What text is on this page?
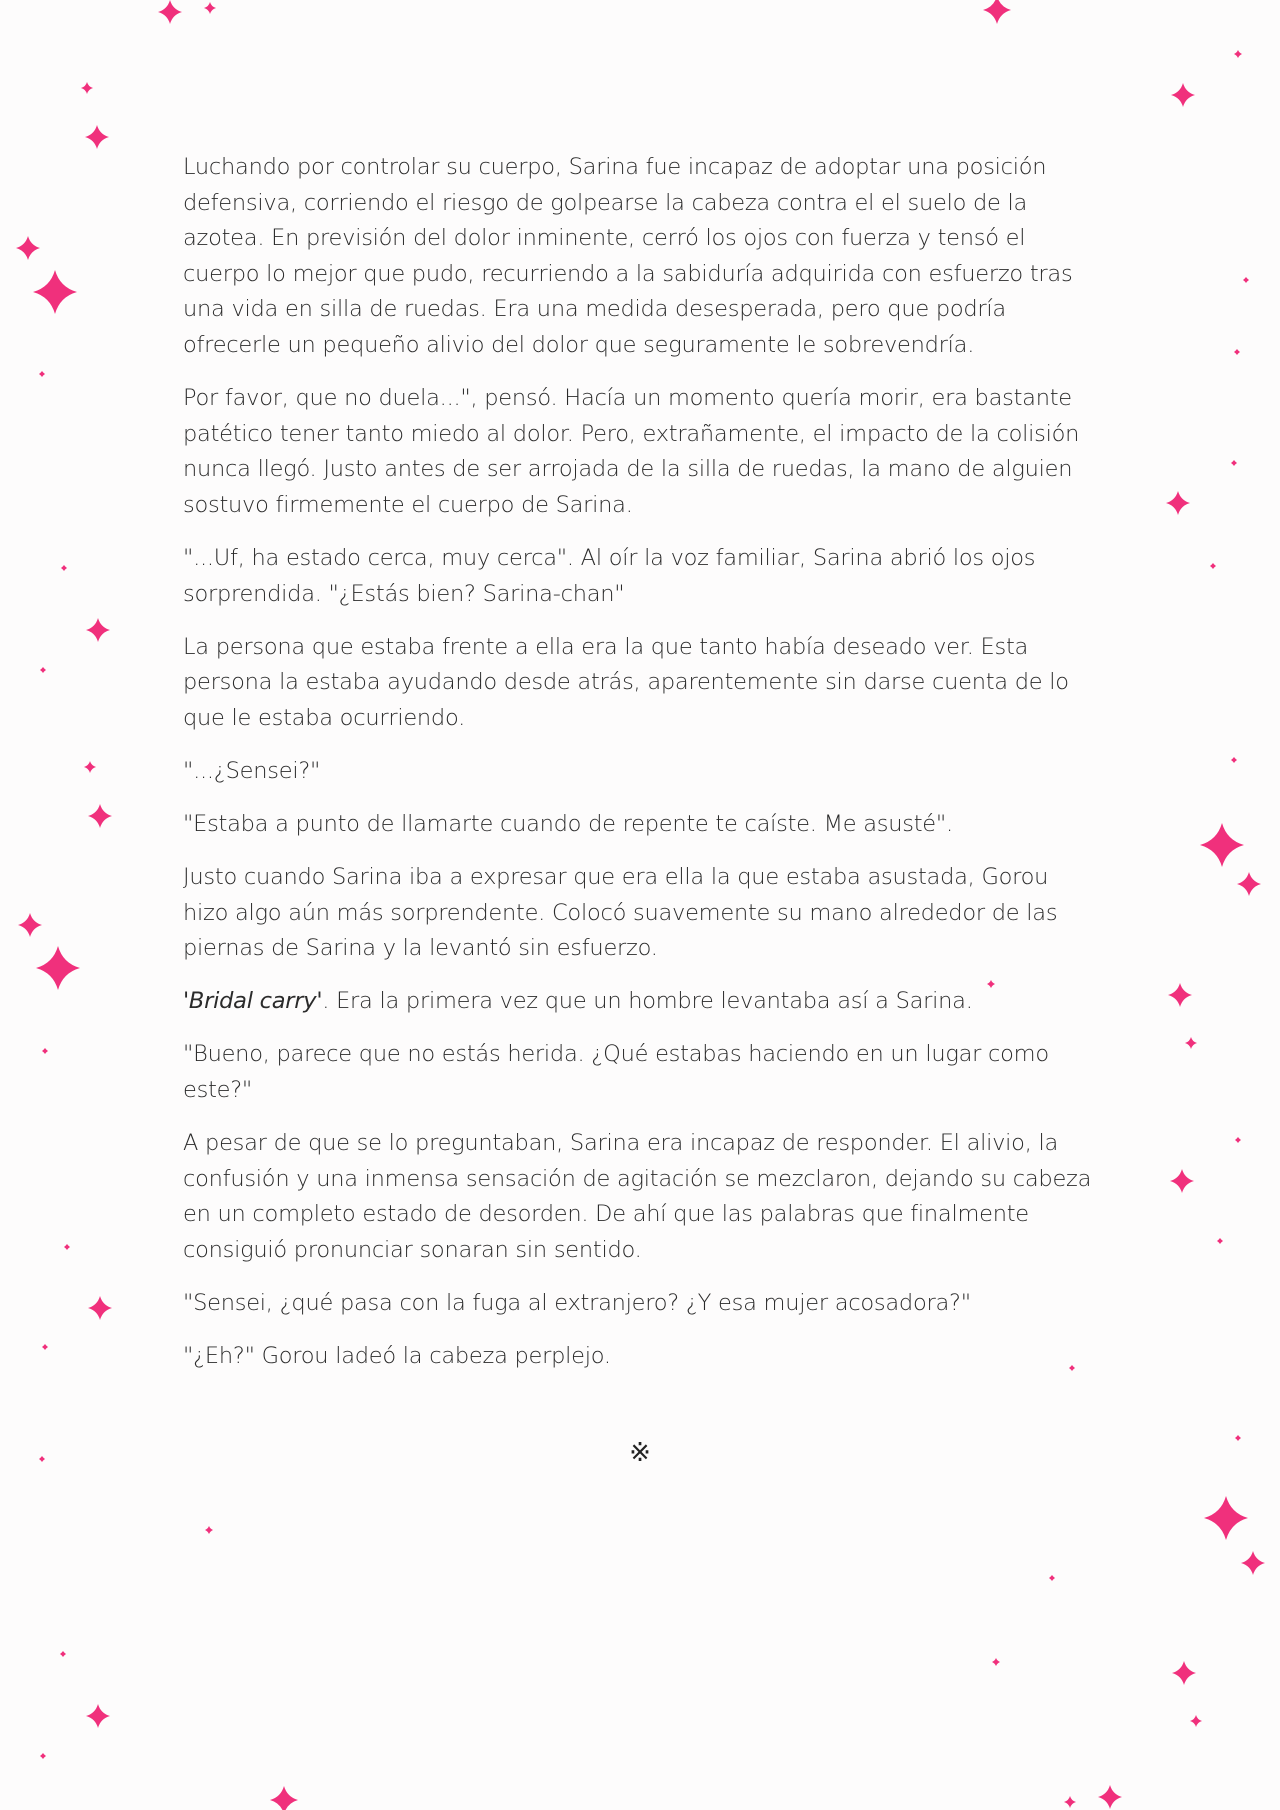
Luchando por controlar su cuerpo, Sarina fue incapaz de adoptar una posición defensiva, corriendo el riesgo de golpearse la cabeza contra el el suelo de la azotea. En previsión del dolor inminente, cerró los ojos con fuerza y tensó el cuerpo lo mejor que pudo, recurriendo a la sabiduría adquirida con esfuerzo tras una vida en silla de ruedas. Era una medida desesperada, pero que podría ofrecerle un pequeño alivio del dolor que seguramente le sobrevendría.

Por favor, que no duela...", pensó. Hacía un momento quería morir, era bastante patético tener tanto miedo al dolor. Pero, extrañamente, el impacto de la colisión nunca llegó. Justo antes de ser arrojada de la silla de ruedas, la mano de alguien sostuvo firmemente el cuerpo de Sarina.

"...Uf, ha estado cerca, muy cerca". Al oír la voz familiar, Sarina abrió los ojos sorprendida. "¿Estás bien? Sarina-chan"

La persona que estaba frente a ella era la que tanto había deseado ver. Esta persona la estaba ayudando desde atrás, aparentemente sin darse cuenta de lo que le estaba ocurriendo.

"...¿Sensei?"

"Estaba a punto de llamarte cuando de repente te caíste. Me asusté".

Justo cuando Sarina iba a expresar que era ella la que estaba asustada, Gorou hizo algo aún más sorprendente. Colocó suavemente su mano alrededor de las piernas de Sarina y la levantó sin esfuerzo.

'Bridal carry'. Era la primera vez que un hombre levantaba así a Sarina.

"Bueno, parece que no estás herida. ¿Qué estabas haciendo en un lugar como este?"

A pesar de que se lo preguntaban, Sarina era incapaz de responder. El alivio, la confusión y una inmensa sensación de agitación se mezclaron, dejando su cabeza en un completo estado de desorden. De ahí que las palabras que finalmente consiguió pronunciar sonaran sin sentido.

"Sensei, ¿qué pasa con la fuga al extranjero? ¿Y esa mujer acosadora?"

"¿Eh?" Gorou ladeó la cabeza perplejo.

※
